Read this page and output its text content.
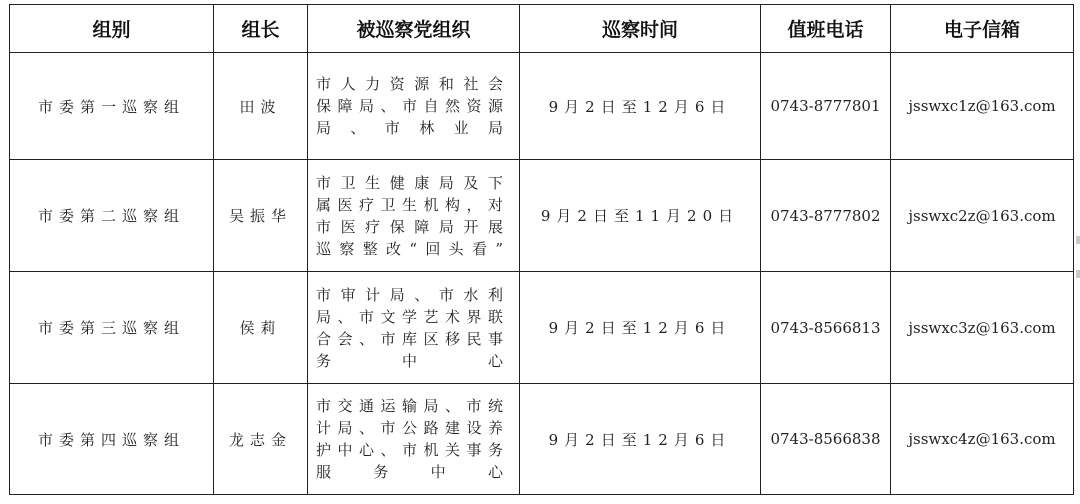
组别	组长	被巡察党组织	巡察时间	值班电话	电子信箱
市委第一巡察组	田波	市人力资源和社会
保障局、市自然资源
局、市林业局	9月2日至12月6日	0743-8777801	jsswxc1z@163.com
市委第二巡察组	吴振华	市卫生健康局及下
属医疗卫生机构，对
市医疗保障局开展
巡察整改“回头看”	9月2日至11月20日	0743-8777802	jsswxc2z@163.com
市委第三巡察组	侯莉	市审计局、市水利
局、市文学艺术界联
合会、市库区移民事
务中心	9月2日至12月6日	0743-8566813	jsswxc3z@163.com
市委第四巡察组	龙志金	市交通运输局、市统
计局、市公路建设养
护中心、市机关事务
服务中心	9月2日至12月6日	0743-8566838	jsswxc4z@163.com
